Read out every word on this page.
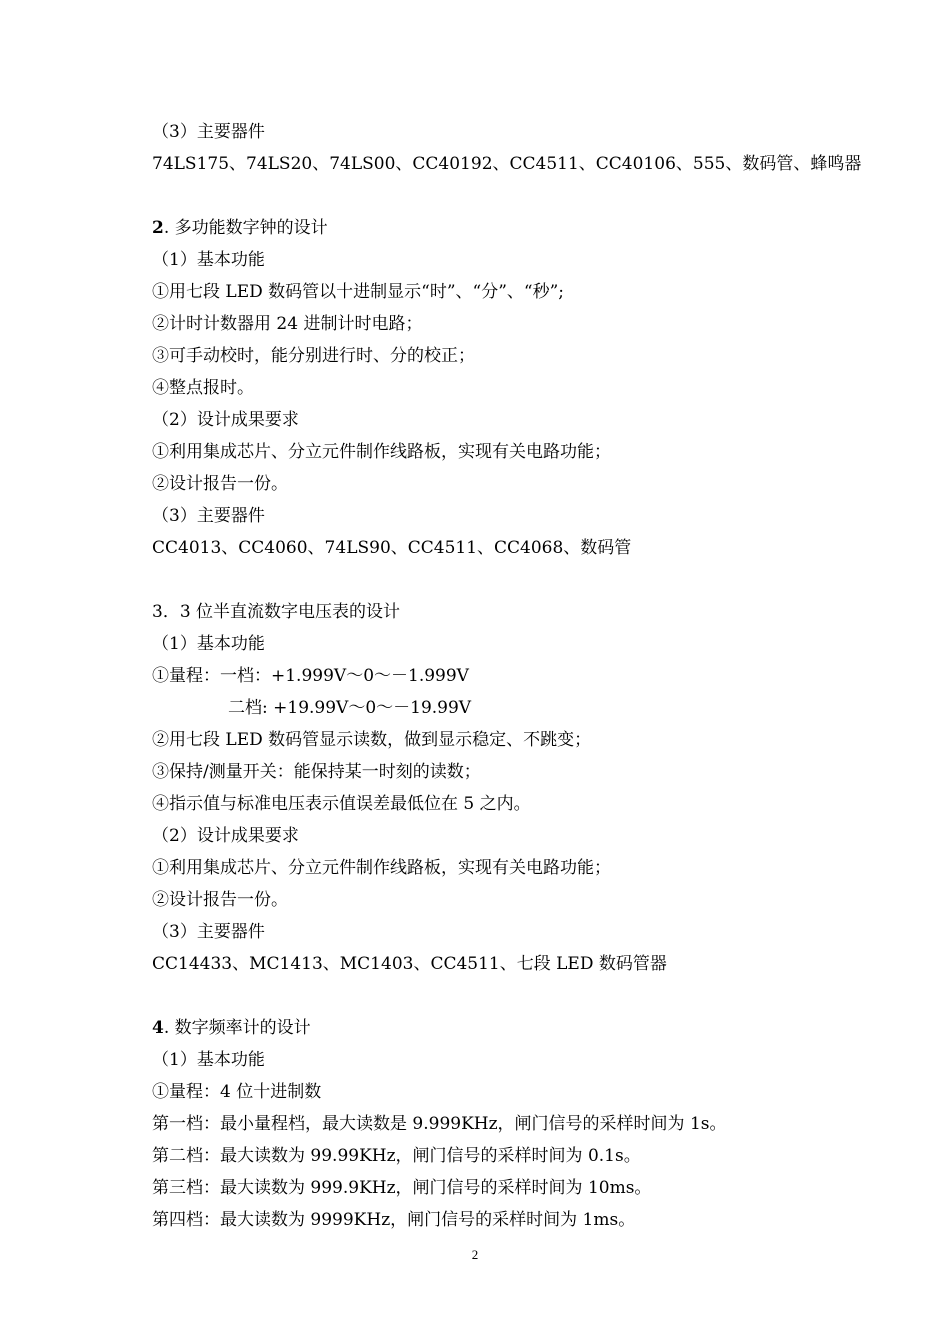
（3）主要器件
74LS175、74LS20、74LS00、CC40192、CC4511、CC40106、555、数码管、蜂鸣器
2. 多功能数字钟的设计
（1）基本功能
①用七段 LED 数码管以十进制显示“时”、“分”、“秒”;
②计时计数器用 24 进制计时电路；
③可手动校时，能分别进行时、分的校正；
④整点报时。
（2）设计成果要求
①利用集成芯片、分立元件制作线路板，实现有关电路功能；
②设计报告一份。
（3）主要器件
CC4013、CC4060、74LS90、CC4511、CC4068、数码管
3．3 位半直流数字电压表的设计
（1）基本功能
①量程：一档：+1.999V～0～－1.999V
二档: +19.99V～0～－19.99V
②用七段 LED 数码管显示读数，做到显示稳定、不跳变；
③保持/测量开关：能保持某一时刻的读数；
④指示值与标准电压表示值误差最低位在 5 之内。
（2）设计成果要求
①利用集成芯片、分立元件制作线路板，实现有关电路功能；
②设计报告一份。
（3）主要器件
CC14433、MC1413、MC1403、CC4511、七段 LED 数码管器
4. 数字频率计的设计
（1）基本功能
①量程：4 位十进制数
第一档：最小量程档，最大读数是 9.999KHz，闸门信号的采样时间为 1s。
第二档：最大读数为 99.99KHz，闸门信号的采样时间为 0.1s。
第三档：最大读数为 999.9KHz，闸门信号的采样时间为 10ms。
第四档：最大读数为 9999KHz，闸门信号的采样时间为 1ms。
2
